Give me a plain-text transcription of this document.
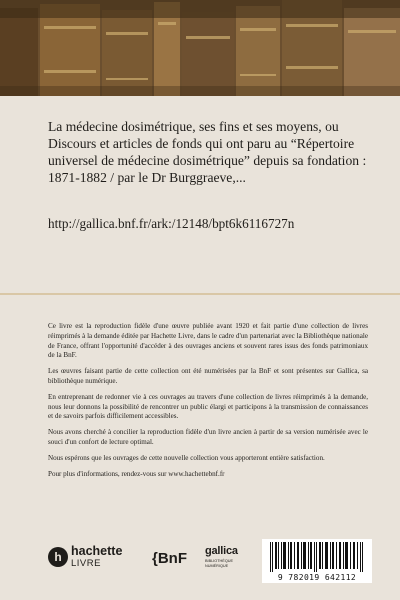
La médecine dosimétrique, ses fins et ses moyens, ou Discours et articles de fonds qui ont paru au “Répertoire universel de médecine dosimétrique” depuis sa fondation : 1871-1882 / par le Dr Burggraeve,...

http://gallica.bnf.fr/ark:/12148/bpt6k6116727n

Ce livre est la reproduction fidèle d'une œuvre publiée avant 1920 et fait partie d'une collection de livres réimprimés à la demande éditée par Hachette Livre, dans le cadre d'un partenariat avec la Bibliothèque nationale de France, offrant l'opportunité d'accéder à des ouvrages anciens et souvent rares issus des fonds patrimoniaux de la BnF.

Les œuvres faisant partie de cette collection ont été numérisées par la BnF et sont présentes sur Gallica, sa bibliothèque numérique.

En entreprenant de redonner vie à ces ouvrages au travers d'une collection de livres réimprimés à la demande, nous leur donnons la possibilité de rencontrer un public élargi et participons à la transmission de connaissances et de savoirs parfois difficilement accessibles.

Nous avons cherché à concilier la reproduction fidèle d'un livre ancien à partir de sa version numérisée avec le souci d'un confort de lecture optimal.

Nous espérons que les ouvrages de cette nouvelle collection vous apporteront entière satisfaction.

Pour plus d'informations, rendez-vous sur www.hachettebnf.fr

h hachette
LIVRE	{BnF gallica
BIBLIOTHÈQUE NUMÉRIQUE
9 782019 642112
